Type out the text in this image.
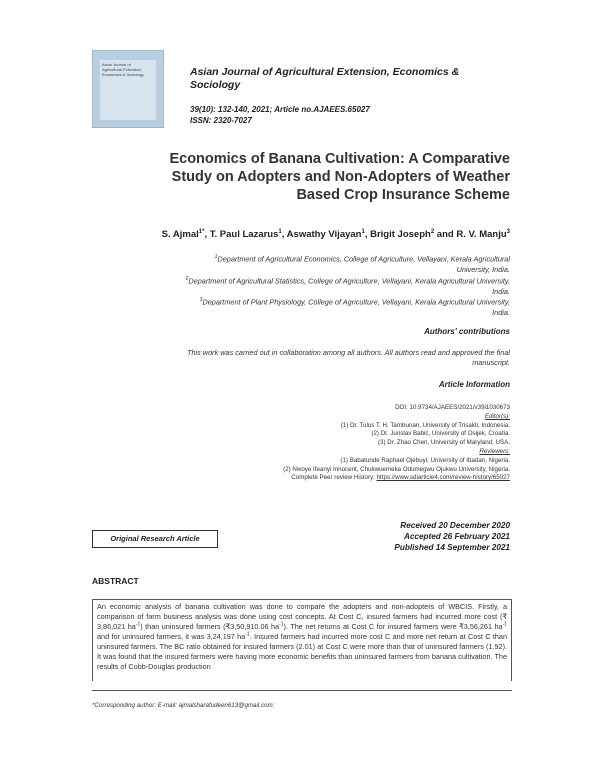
Asian Journal of
Agricultural Extension,
Economics & Sociology	Asian Journal of Agricultural Extension, Economics & Sociology
39(10): 132-140, 2021; Article no.AJAEES.65027
ISSN: 2320-7027
Economics of Banana Cultivation: A Comparative
Study on Adopters and Non-Adopters of Weather
Based Crop Insurance Scheme
S. Ajmal$^{1*}$, T. Paul Lazarus$^1$, Aswathy Vijayan$^1$, Brigit Joseph$^2$ and R. V. Manju$^3$
$^1$Department of Agricultural Economics, College of Agriculture, Vellayani, Kerala Agricultural
University, India.
$^2$Department of Agricultural Statistics, College of Agriculture, Vellayani, Kerala Agricultural University,
India.
$^3$Department of Plant Physiology, College of Agriculture, Vellayani, Kerala Agricultural University,
India.
Authors' contributions
This work was carried out in collaboration among all authors. All authors read and approved the final
manuscript.
Article Information
DOI: 10.9734/AJAEES/2021/v39i1030673
Editor(s):
(1) Dr. Tulus T. H. Tambunan, University of Trisakti, Indonesia.
(2) Dr. Jurislav Babić, University of Osijek, Croatia.
(3) Dr. Zhao Chen, University of Maryland, USA.
Reviewers:
(1) Babatunde Raphael Ojebuyi, University of Ibadan, Nigeria.
(2) Nwoye Ifeanyi Innocent, Chukwuemeka Odumegwu Ojukwu University, Nigeria.
Complete Peer review History: https://www.sdiarticle4.com/review-history/65027
Original Research Article
Received 20 December 2020
Accepted 26 February 2021
Published 14 September 2021
ABSTRACT
An economic analysis of banana cultivation was done to compare the adopters and non-adopters of WBCIS. Firstly, a comparison of farm business analysis was done using cost concepts. At Cost C, insured farmers had incurred more cost (₹ 3,86,021 $ha^{-1}$) than uninsured farmers (₹3,50,910.06 $ha^{-1}$). The net returns at Cost C for insured farmers were ₹3,56,261 $ha^{-1}$ and for uninsured farmers, it was 3,24,197 $ha^{-1}$. Insured farmers had incurred more cost C and more net return at Cost C than uninsured farmers. The BC ratio obtained for insured farmers (2.01) at Cost C were more than that of uninsured farmers (1.92). It was found that the insured farmers were having more economic benefits than uninsured farmers from banana cultivation. The results of Cobb-Douglas production
*Corresponding author: E-mail: ajmalsharafudeen613@gmail.com;
